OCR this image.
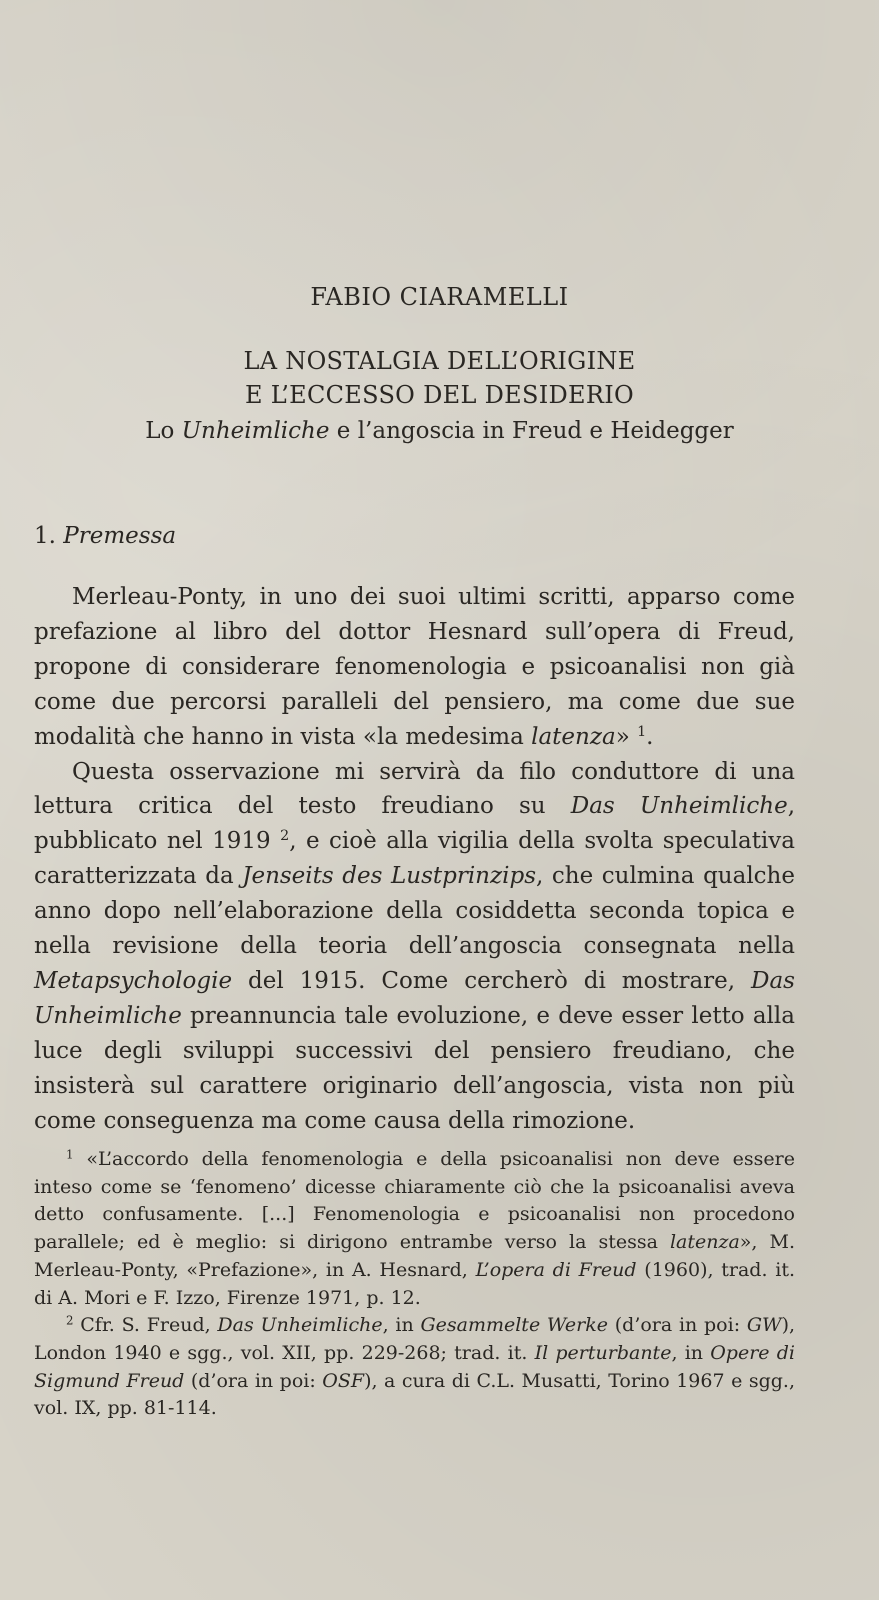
FABIO CIARAMELLI
LA NOSTALGIA DELL’ORIGINE
E L’ECCESSO DEL DESIDERIO
Lo Unheimliche e l’angoscia in Freud e Heidegger
1. Premessa

Merleau-Ponty, in uno dei suoi ultimi scritti, apparso come prefazione al libro del dottor Hesnard sull’opera di Freud, propone di considerare fenomenologia e psicoanalisi non già come due percorsi paralleli del pensiero, ma come due sue modalità che hanno in vista «la medesima latenza» $^1$.

Questa osservazione mi servirà da filo conduttore di una lettura critica del testo freudiano su Das Unheimliche, pubblicato nel 1919 $^2$, e cioè alla vigilia della svolta speculativa caratterizzata da Jenseits des Lustprinzips, che culmina qualche anno dopo nell’elaborazione della cosiddetta seconda topica e nella revisione della teoria dell’angoscia consegnata nella Metapsychologie del 1915. Come cercherò di mostrare, Das Unheimliche preannuncia tale evoluzione, e deve esser letto alla luce degli sviluppi successivi del pensiero freudiano, che insisterà sul carattere originario dell’angoscia, vista non più come conseguenza ma come causa della rimozione.

$^1$ «L’accordo della fenomenologia e della psicoanalisi non deve essere inteso come se ‘fenomeno’ dicesse chiaramente ciò che la psicoanalisi aveva detto confusamente. [...] Fenomenologia e psicoanalisi non procedono parallele; ed è meglio: si dirigono entrambe verso la stessa latenza», M. Merleau-Ponty, «Prefazione», in A. Hesnard, L’opera di Freud (1960), trad. it. di A. Mori e F. Izzo, Firenze 1971, p. 12.

$^2$ Cfr. S. Freud, Das Unheimliche, in Gesammelte Werke (d’ora in poi: GW), London 1940 e sgg., vol. XII, pp. 229-268; trad. it. Il perturbante, in Opere di Sigmund Freud (d’ora in poi: OSF), a cura di C.L. Musatti, Torino 1967 e sgg., vol. IX, pp. 81-114.
